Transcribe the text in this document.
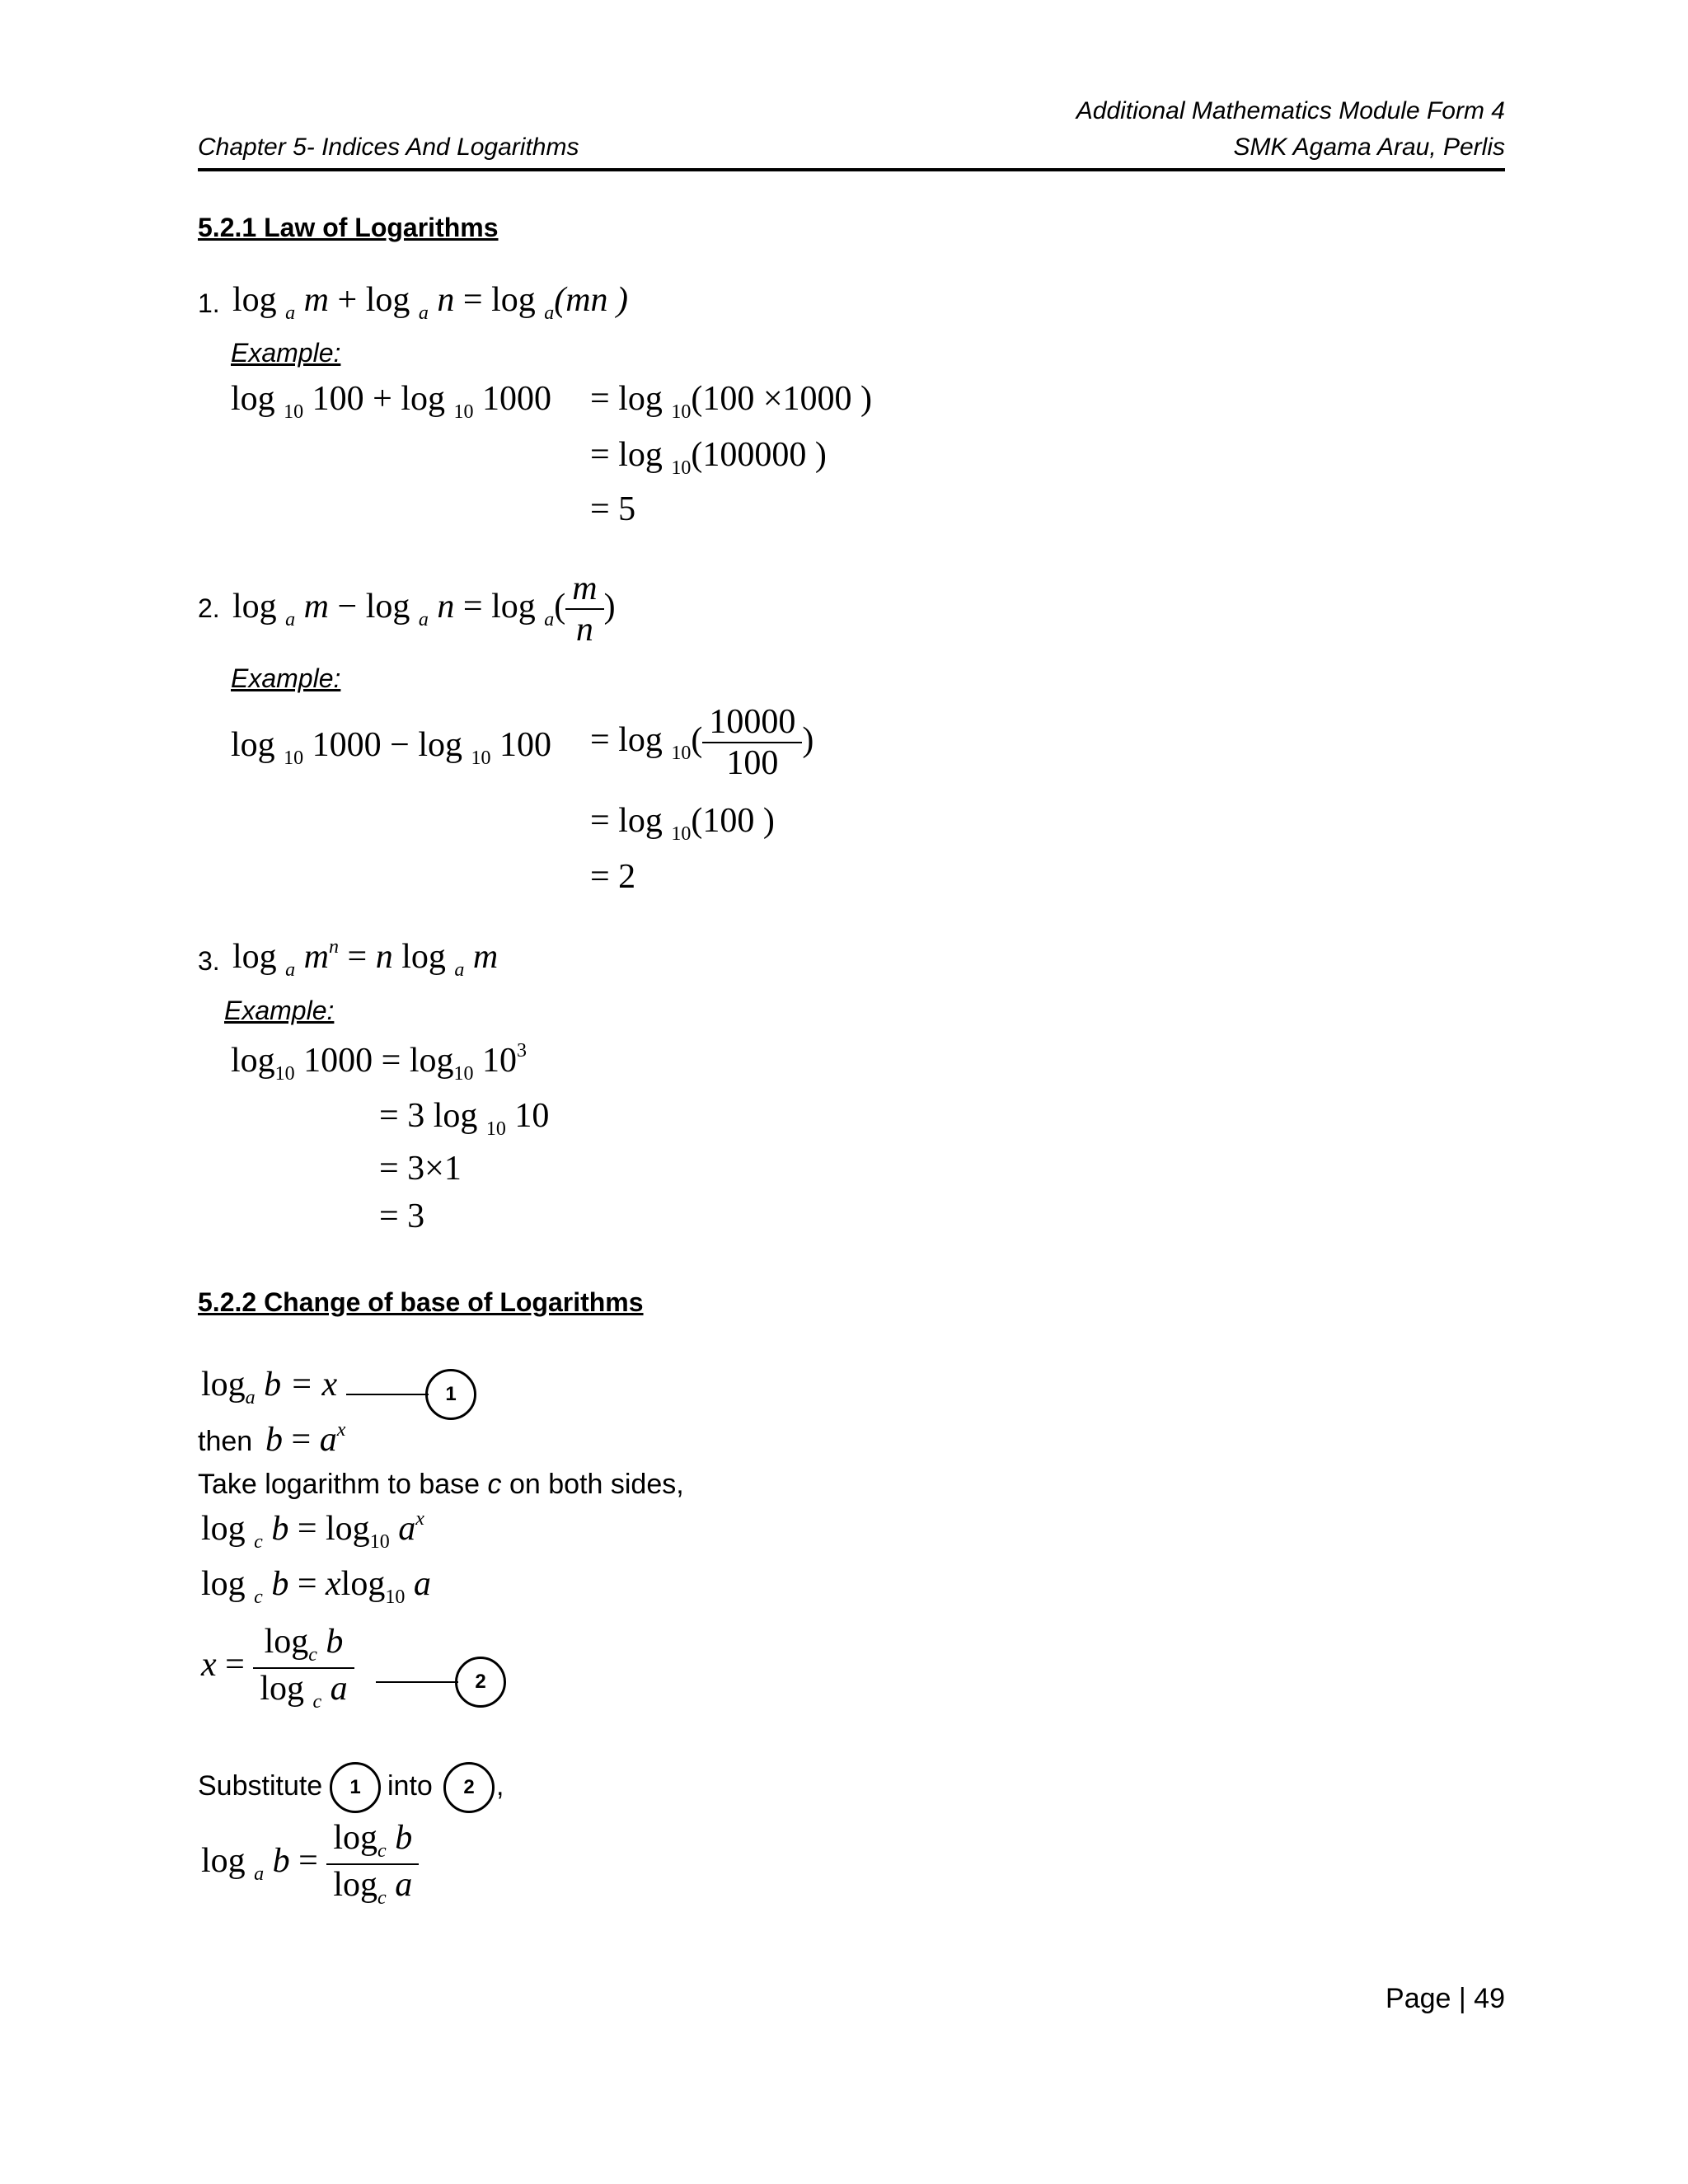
Additional Mathematics Module Form 4
Chapter 5- Indices And Logarithms	SMK Agama Arau, Perlis
5.2.1 Law of Logarithms
1. log $_a$ m + log $_a$ n = log $_a$(mn )
Example:
log $_{10}$ 100 + log $_{10}$ 1000 = log $_{10}$(100 ×1000 )
= log $_{10}$(100000 )
= 5
2. log $_a$ m − log $_a$ $n = \log _a( \frac{m}{n}$ )
Example:
log $_{10}$ 1000 − log $_{10}$ $100 = \log _{10}( \frac{10000}{100}$ )
= log $_{10}$(100 )
= 2
3. log $_a$ $m^n = n$ log $_a$ m
Example:
$\log_{10} 1000 = \log_{10} 10^3$
= 3 log $_{10}$ 10
= 3×1
= 3
5.2.2 Change of base of Logarithms
$\log_a b = x$	1
then $b = a^x$
Take logarithm to base c on both sides,
log $_c$ $b = \log_{10} a^x$
log $_c$ b = xlog$_{10}$ a
$x = \frac{\log_c b}{\log _c a}$	2
Substitute	1 into	2 ,
log $_a$ $b = \frac{\log_c b}{\log_c a}$
Page | 49
